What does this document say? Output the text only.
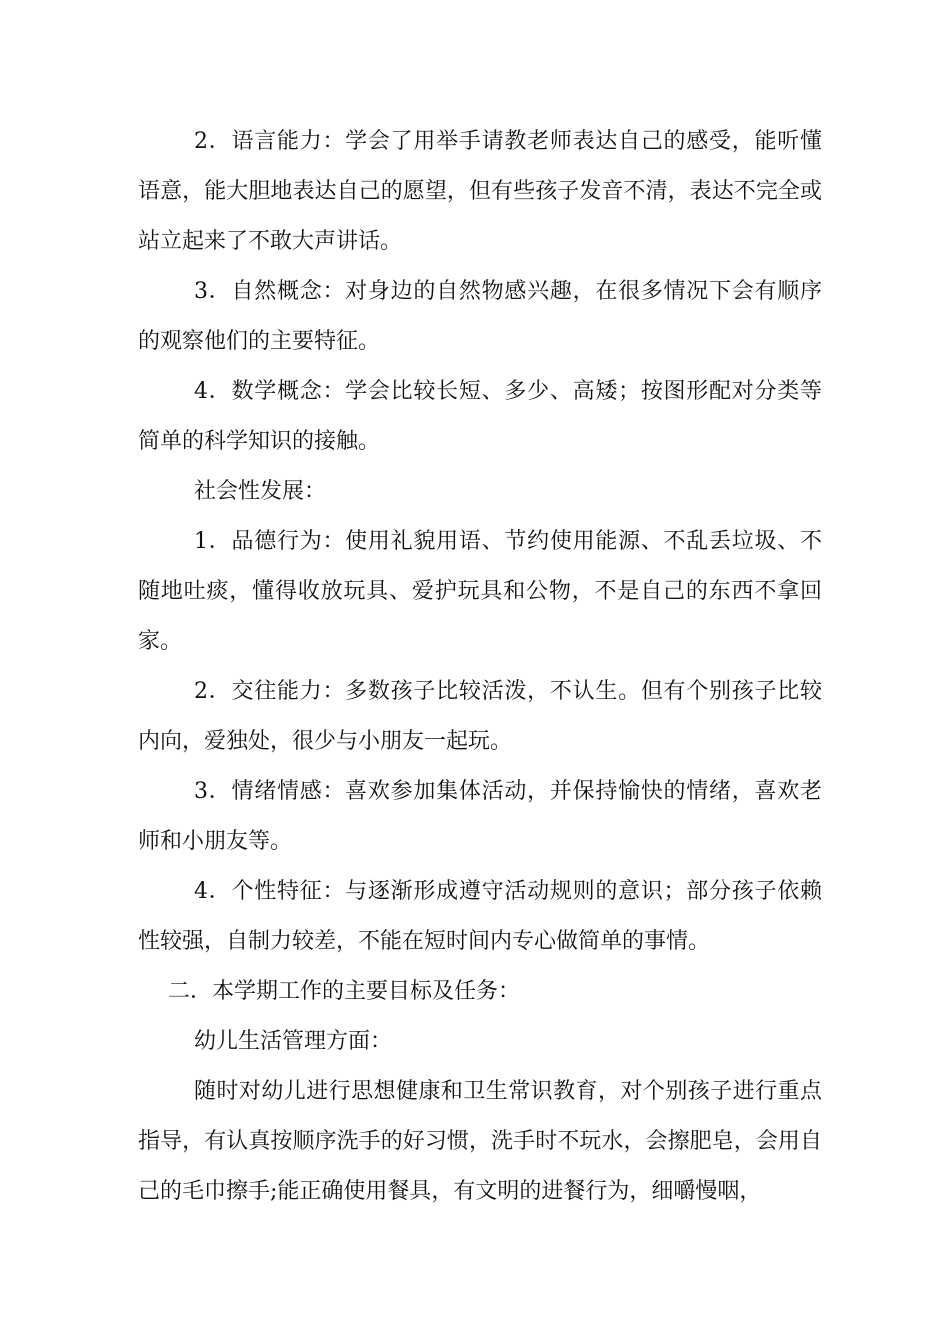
2．语言能力：学会了用举手请教老师表达自己的感受，能听懂语意，能大胆地表达自己的愿望，但有些孩子发音不清，表达不完全或站立起来了不敢大声讲话。

3．自然概念：对身边的自然物感兴趣，在很多情况下会有顺序的观察他们的主要特征。

4．数学概念：学会比较长短、多少、高矮；按图形配对分类等简单的科学知识的接触。

社会性发展：

1．品德行为：使用礼貌用语、节约使用能源、不乱丢垃圾、不随地吐痰，懂得收放玩具、爱护玩具和公物，不是自己的东西不拿回家。

2．交往能力：多数孩子比较活泼，不认生。但有个别孩子比较内向，爱独处，很少与小朋友一起玩。

3．情绪情感：喜欢参加集体活动，并保持愉快的情绪，喜欢老师和小朋友等。

4．个性特征：与逐渐形成遵守活动规则的意识；部分孩子依赖性较强，自制力较差，不能在短时间内专心做简单的事情。

二．本学期工作的主要目标及任务：

幼儿生活管理方面：

随时对幼儿进行思想健康和卫生常识教育，对个别孩子进行重点指导，有认真按顺序洗手的好习惯，洗手时不玩水，会擦肥皂，会用自己的毛巾擦手;能正确使用餐具，有文明的进餐行为，细嚼慢咽，
